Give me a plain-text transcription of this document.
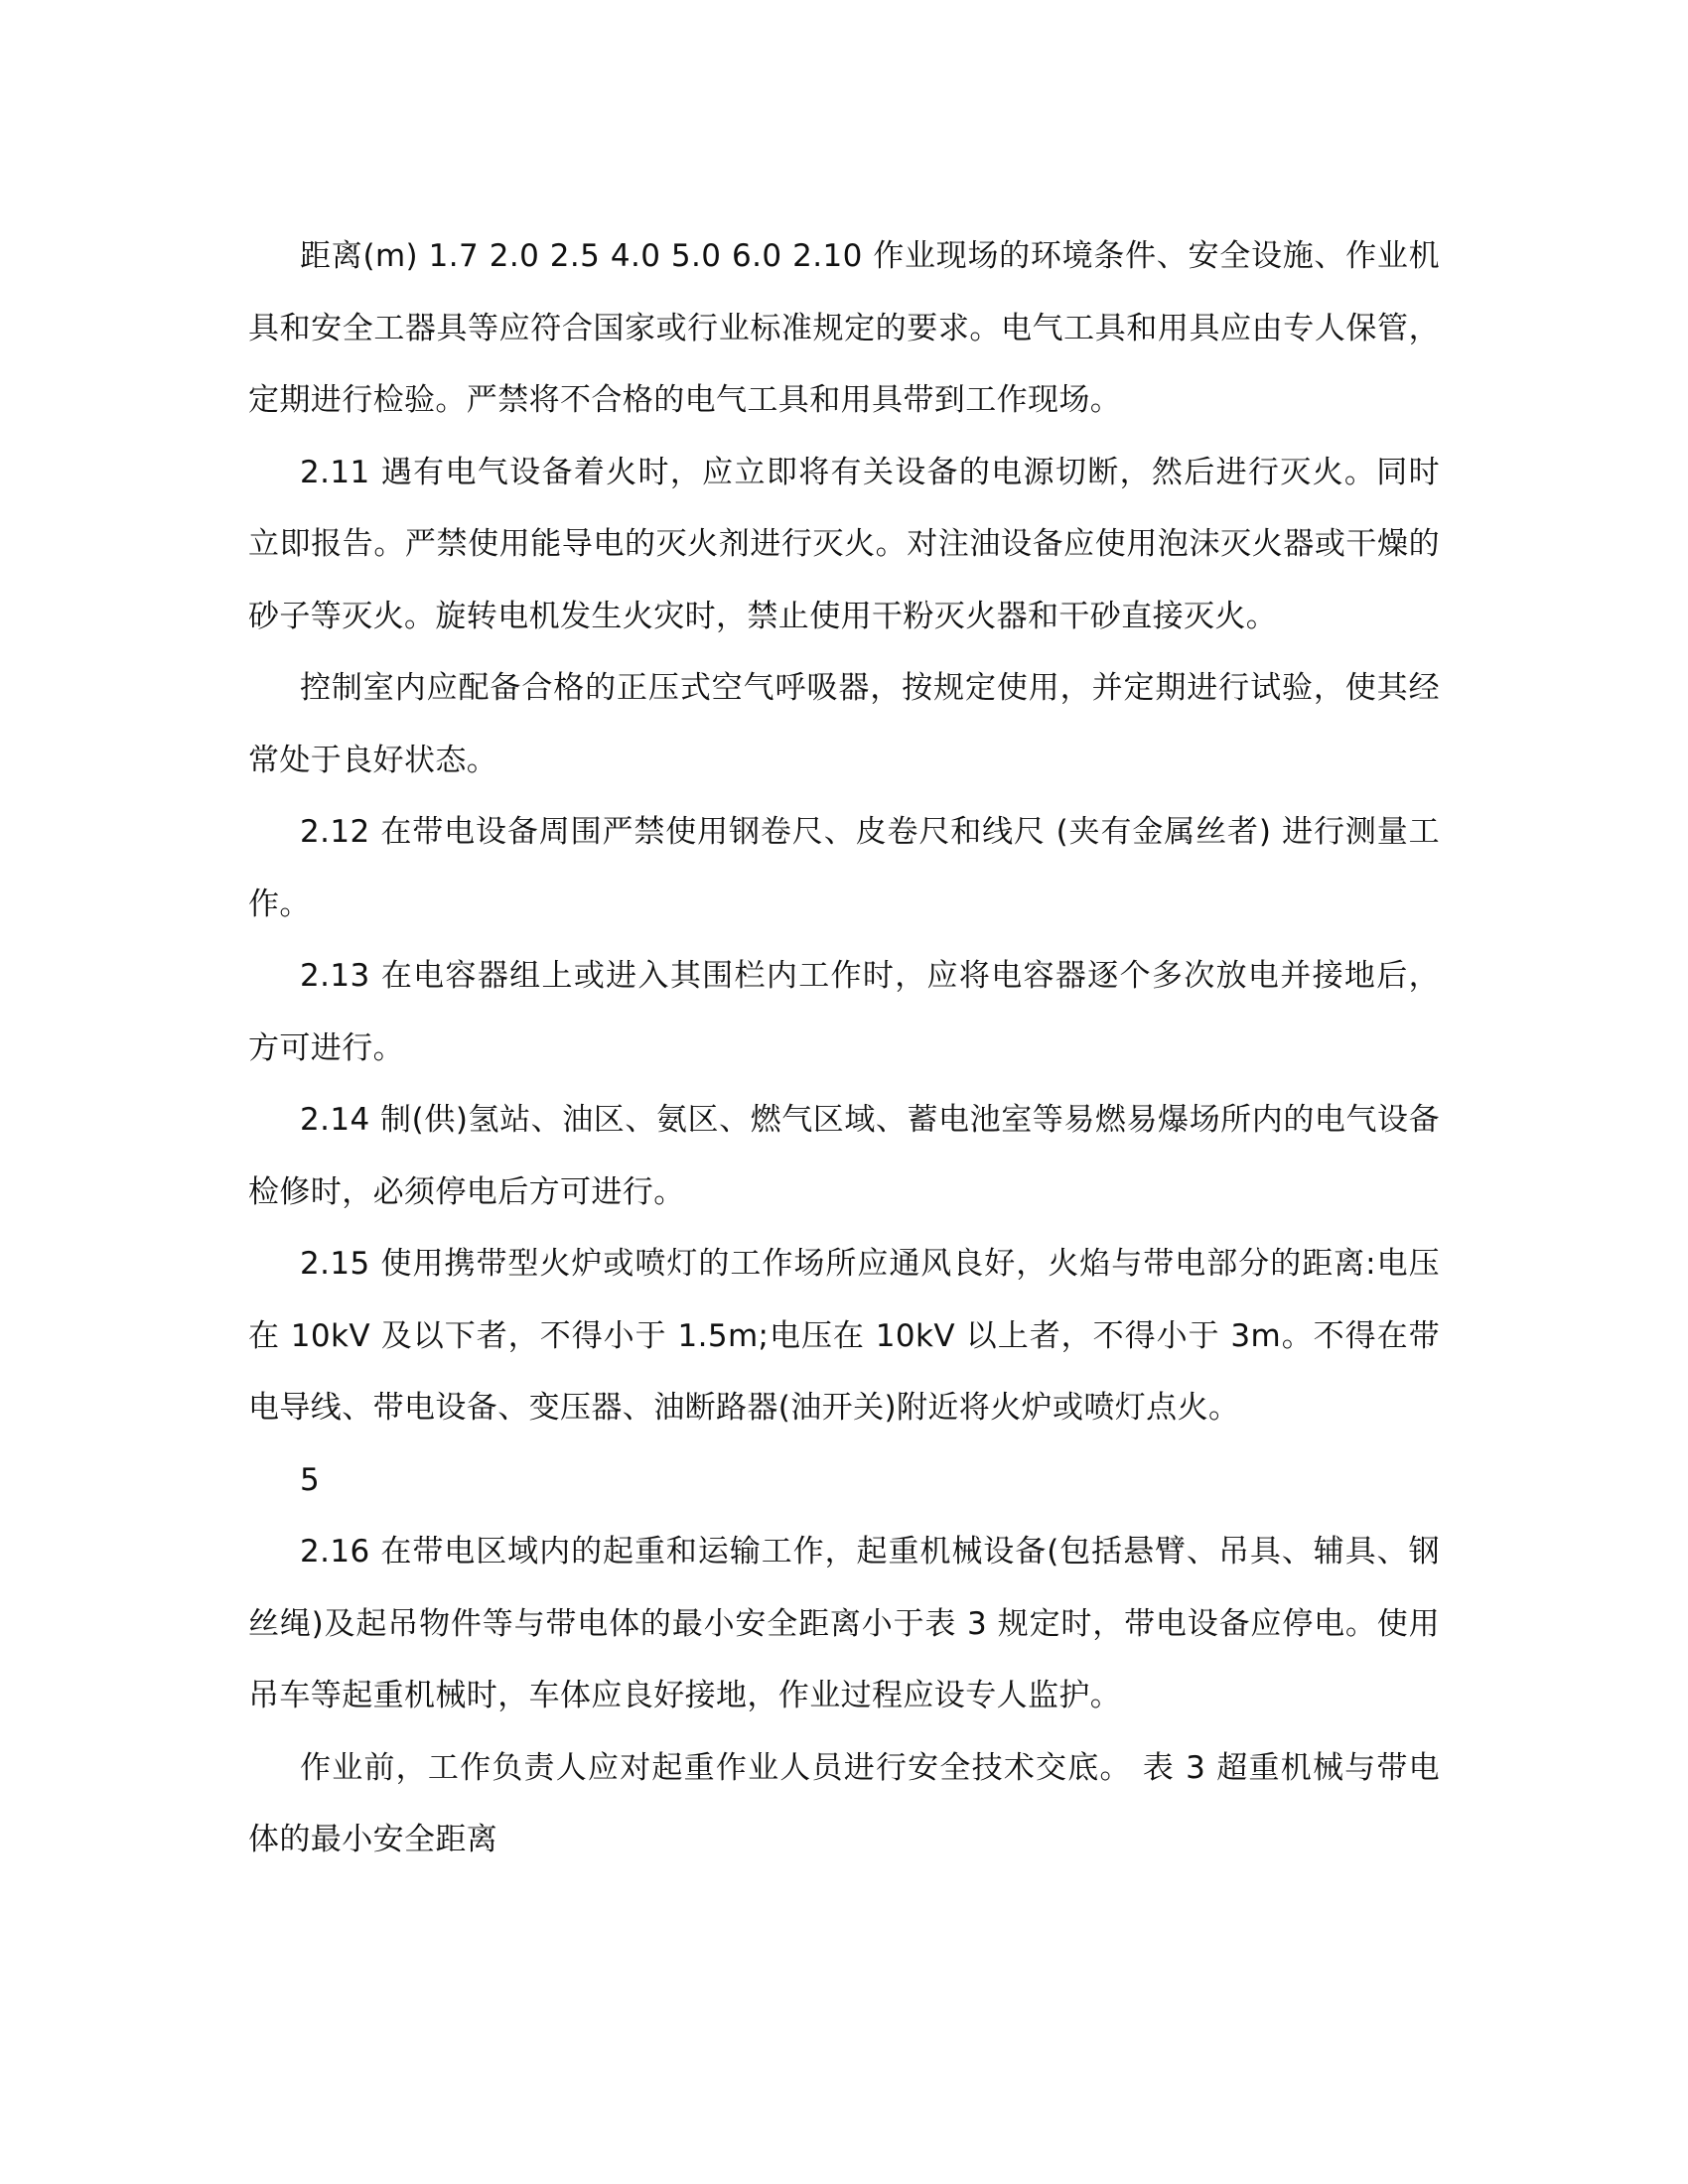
距离(m) 1.7 2.0 2.5 4.0 5.0 6.0 2.10 作业现场的环境条件、安全设施、作业机具和安全工器具等应符合国家或行业标准规定的要求。电气工具和用具应由专人保管，定期进行检验。严禁将不合格的电气工具和用具带到工作现场。

2.11 遇有电气设备着火时，应立即将有关设备的电源切断，然后进行灭火。同时立即报告。严禁使用能导电的灭火剂进行灭火。对注油设备应使用泡沫灭火器或干燥的砂子等灭火。旋转电机发生火灾时，禁止使用干粉灭火器和干砂直接灭火。

控制室内应配备合格的正压式空气呼吸器，按规定使用，并定期进行试验，使其经常处于良好状态。

2.12 在带电设备周围严禁使用钢卷尺、皮卷尺和线尺 (夹有金属丝者) 进行测量工作。

2.13 在电容器组上或进入其围栏内工作时，应将电容器逐个多次放电并接地后，方可进行。

2.14 制(供)氢站、油区、氨区、燃气区域、蓄电池室等易燃易爆场所内的电气设备检修时，必须停电后方可进行。

2.15 使用携带型火炉或喷灯的工作场所应通风良好，火焰与带电部分的距离:电压在 10kV 及以下者，不得小于 1.5m;电压在 10kV 以上者，不得小于 3m。不得在带电导线、带电设备、变压器、油断路器(油开关)附近将火炉或喷灯点火。

5

2.16 在带电区域内的起重和运输工作，起重机械设备(包括悬臂、吊具、辅具、钢丝绳)及起吊物件等与带电体的最小安全距离小于表 3 规定时，带电设备应停电。使用吊车等起重机械时，车体应良好接地，作业过程应设专人监护。

作业前，工作负责人应对起重作业人员进行安全技术交底。 表 3 超重机械与带电体的最小安全距离
